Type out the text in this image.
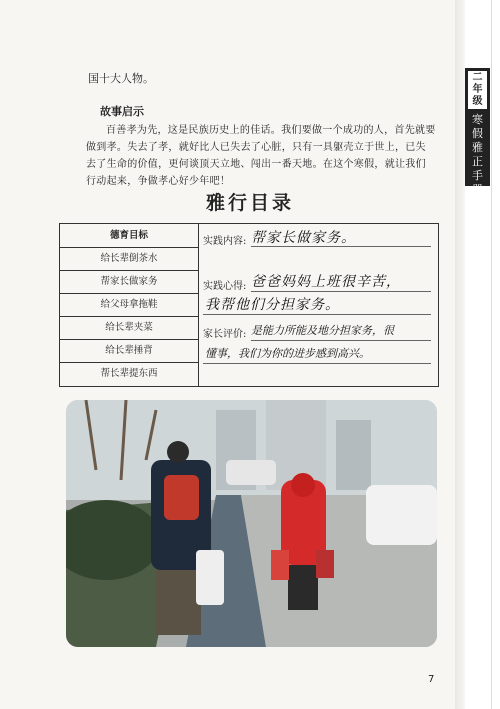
二年级
寒
假
雅
正
手
册
国十大人物。
故事启示
百善孝为先，这是民族历史上的佳话。我们要做一个成功的人，首先就要做到孝。失去了孝，就好比人已失去了心脏，只有一具躯壳立于世上，已失去了生命的价值，更何谈顶天立地、闯出一番天地。在这个寒假，就让我们行动起来，争做孝心好少年吧！
雅行目录
德育目标
给长辈倒茶水
帮家长做家务
给父母拿拖鞋
给长辈夹菜
给长辈捶背
帮长辈提东西
实践内容: 帮家长做家务。
实践心得: 爸爸妈妈上班很辛苦，
我帮他们分担家务。
家长评价: 是能力所能及地分担家务，很
懂事，我们为你的进步感到高兴。
7
